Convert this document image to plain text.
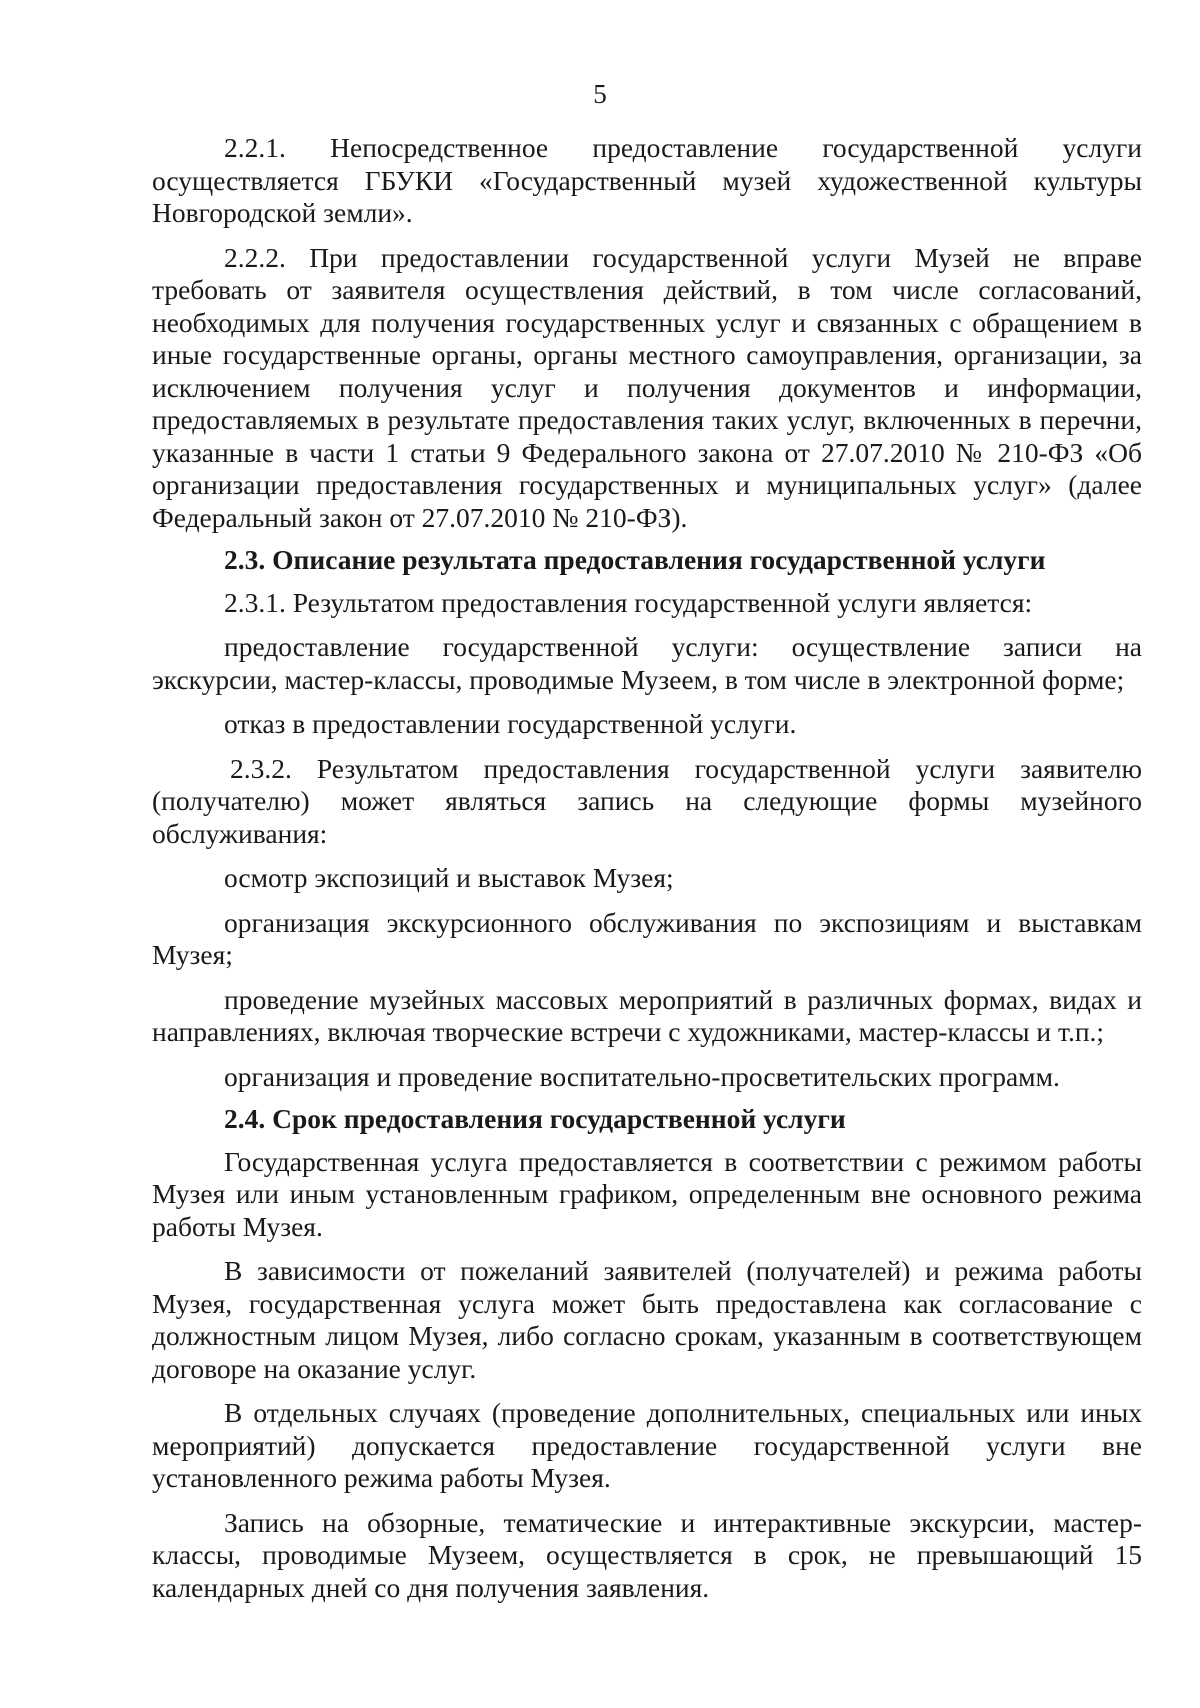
5

2.2.1. Непосредственное предоставление государственной услуги осуществляется ГБУКИ «Государственный музей художественной культуры Новгородской земли».

2.2.2. При предоставлении государственной услуги Музей не вправе требовать от заявителя осуществления действий, в том числе согласований, необходимых для получения государственных услуг и связанных с обращением в иные государственные органы, органы местного самоуправления, организации, за исключением получения услуг и получения документов и информации, предоставляемых в результате предоставления таких услуг, включенных в перечни, указанные в части 1 статьи 9 Федерального закона от 27.07.2010 № 210-ФЗ «Об организации предоставления государственных и муниципальных услуг» (далее Федеральный закон от 27.07.2010 № 210-ФЗ).

2.3. Описание результата предоставления государственной услуги

2.3.1. Результатом предоставления государственной услуги является:

предоставление государственной услуги: осуществление записи на экскурсии, мастер-классы, проводимые Музеем, в том числе в электронной форме;

отказ в предоставлении государственной услуги.

2.3.2. Результатом предоставления государственной услуги заявителю (получателю) может являться запись на следующие формы музейного обслуживания:

осмотр экспозиций и выставок Музея;

организация экскурсионного обслуживания по экспозициям и выставкам Музея;

проведение музейных массовых мероприятий в различных формах, видах и направлениях, включая творческие встречи с художниками, мастер-классы и т.п.;

организация и проведение воспитательно-просветительских программ.

2.4. Срок предоставления государственной услуги

Государственная услуга предоставляется в соответствии с режимом работы Музея или иным установленным графиком, определенным вне основного режима работы Музея.

В зависимости от пожеланий заявителей (получателей) и режима работы Музея, государственная услуга может быть предоставлена как согласование с должностным лицом Музея, либо согласно срокам, указанным в соответствующем договоре на оказание услуг.

В отдельных случаях (проведение дополнительных, специальных или иных мероприятий) допускается предоставление государственной услуги вне установленного режима работы Музея.

Запись на обзорные, тематические и интерактивные экскурсии, мастер-классы, проводимые Музеем, осуществляется в срок, не превышающий 15 календарных дней со дня получения заявления.
